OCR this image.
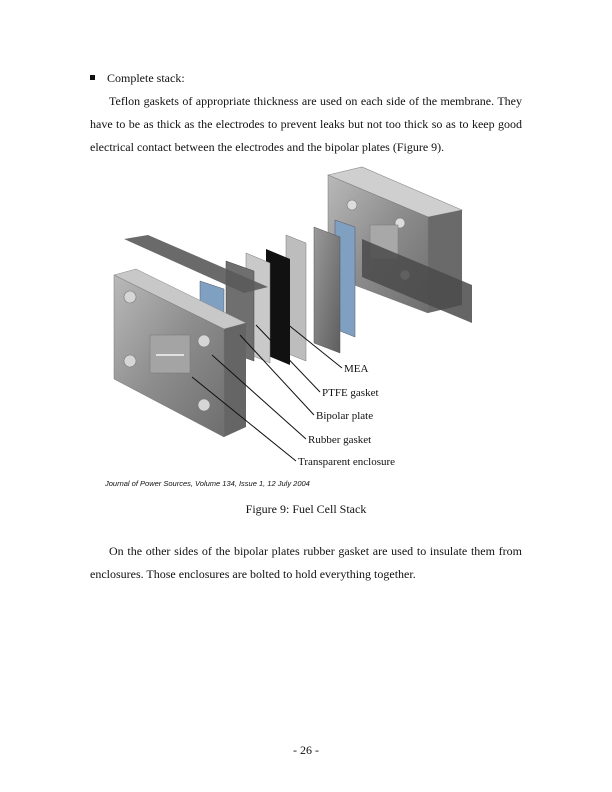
Complete stack:
Teflon gaskets of appropriate thickness are used on each side of the membrane. They have to be as thick as the electrodes to prevent leaks but not too thick so as to keep good electrical contact between the electrodes and the bipolar plates (Figure 9).
MEA
PTFE gasket
Bipolar plate
Rubber gasket
Transparent enclosure
Journal of Power Sources, Volume 134, Issue 1, 12 July 2004
Figure 9: Fuel Cell Stack
On the other sides of the bipolar plates rubber gasket are used to insulate them from enclosures. Those enclosures are bolted to hold everything together.
- 26 -
